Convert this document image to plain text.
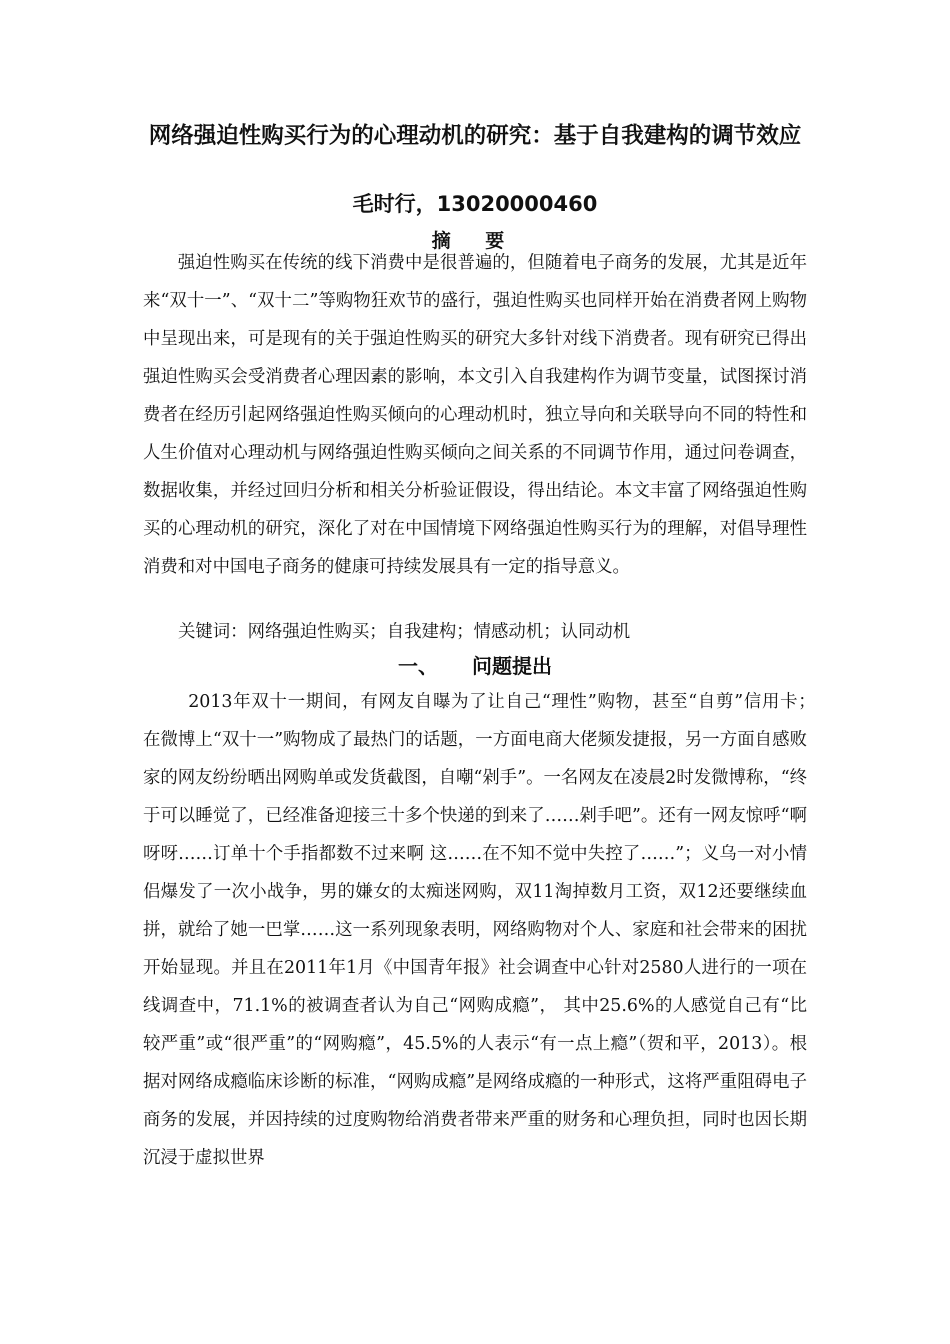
网络强迫性购买行为的心理动机的研究：基于自我建构的调节效应
毛时行，13020000460
摘 要
强迫性购买在传统的线下消费中是很普遍的，但随着电子商务的发展，尤其是近年来“双十一”、“双十二”等购物狂欢节的盛行，强迫性购买也同样开始在消费者网上购物中呈现出来，可是现有的关于强迫性购买的研究大多针对线下消费者。现有研究已得出强迫性购买会受消费者心理因素的影响，本文引入自我建构作为调节变量，试图探讨消费者在经历引起网络强迫性购买倾向的心理动机时，独立导向和关联导向不同的特性和人生价值对心理动机与网络强迫性购买倾向之间关系的不同调节作用，通过问卷调查，数据收集，并经过回归分析和相关分析验证假设，得出结论。本文丰富了网络强迫性购买的心理动机的研究，深化了对在中国情境下网络强迫性购买行为的理解，对倡导理性消费和对中国电子商务的健康可持续发展具有一定的指导意义。
关键词：网络强迫性购买；自我建构；情感动机；认同动机
一、 问题提出
2013年双十一期间，有网友自曝为了让自己“理性”购物，甚至“自剪”信用卡；　在微博上“双十一”购物成了最热门的话题，一方面电商大佬频发捷报，另一方面自感败家的网友纷纷晒出网购单或发货截图，自嘲“剁手”。一名网友在凌晨2时发微博称，“终于可以睡觉了，已经准备迎接三十多个快递的到来了……剁手吧”。还有一网友惊呼“啊呀呀……订单十个手指都数不过来啊 这……在不知不觉中失控了……”；义乌一对小情侣爆发了一次小战争，男的嫌女的太痴迷网购，双11淘掉数月工资，双12还要继续血拼，就给了她一巴掌……这一系列现象表明，网络购物对个人、家庭和社会带来的困扰开始显现。并且在2011年1月《中国青年报》社会调查中心针对2580人进行的一项在线调查中，71.1%的被调查者认为自己“网购成瘾”， 其中25.6%的人感觉自己有“比较严重”或“很严重”的“网购瘾”，45.5%的人表示“有一点上瘾”（贺和平，2013）。根据对网络成瘾临床诊断的标准，“网购成瘾”是网络成瘾的一种形式，这将严重阻碍电子商务的发展，并因持续的过度购物给消费者带来严重的财务和心理负担，同时也因长期沉浸于虚拟世界
